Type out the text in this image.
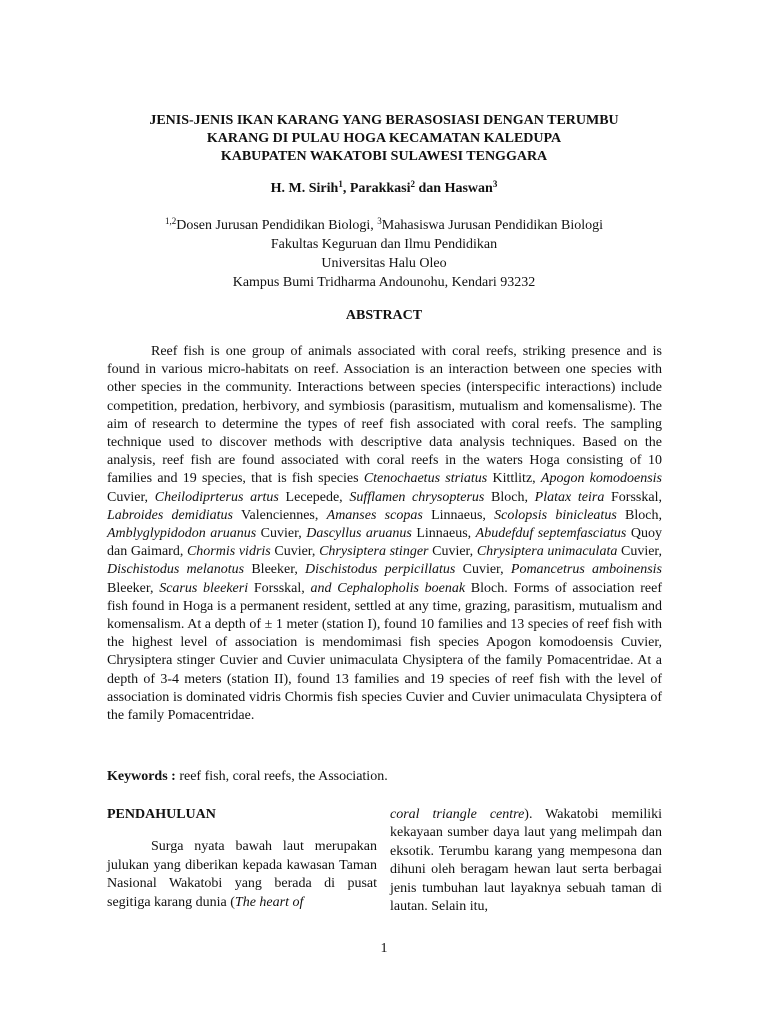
JENIS-JENIS IKAN KARANG YANG BERASOSIASI DENGAN TERUMBU
KARANG DI PULAU HOGA KECAMATAN KALEDUPA
KABUPATEN WAKATOBI SULAWESI TENGGARA
H. M. Sirih$^1$, Parakkasi$^2$ dan Haswan$^3$
$^{1,2}$Dosen Jurusan Pendidikan Biologi, $^3$Mahasiswa Jurusan Pendidikan Biologi
Fakultas Keguruan dan Ilmu Pendidikan
Universitas Halu Oleo
Kampus Bumi Tridharma Andounohu, Kendari 93232
ABSTRACT
Reef fish is one group of animals associated with coral reefs, striking presence and is found in various micro-habitats on reef. Association is an interaction between one species with other species in the community. Interactions between species (interspecific interactions) include competition, predation, herbivory, and symbiosis (parasitism, mutualism and komensalisme). The aim of research to determine the types of reef fish associated with coral reefs. The sampling technique used to discover methods with descriptive data analysis techniques. Based on the analysis, reef fish are found associated with coral reefs in the waters Hoga consisting of 10 families and 19 species, that is fish species Ctenochaetus striatus Kittlitz, Apogon komodoensis Cuvier, Cheilodiprterus artus Lecepede, Sufflamen chrysopterus Bloch, Platax teira Forsskal, Labroides demidiatus Valenciennes, Amanses scopas Linnaeus, Scolopsis binicleatus Bloch, Amblyglypidodon aruanus Cuvier, Dascyllus aruanus Linnaeus, Abudefduf septemfasciatus Quoy dan Gaimard, Chormis vidris Cuvier, Chrysiptera stinger Cuvier, Chrysiptera unimaculata Cuvier, Dischistodus melanotus Bleeker, Dischistodus perpicillatus Cuvier, Pomancetrus amboinensis Bleeker, Scarus bleekeri Forsskal, and Cephalopholis boenak Bloch. Forms of association reef fish found in Hoga is a permanent resident, settled at any time, grazing, parasitism, mutualism and komensalism. At a depth of ± 1 meter (station I), found 10 families and 13 species of reef fish with the highest level of association is mendomimasi fish species Apogon komodoensis Cuvier, Chrysiptera stinger Cuvier and Cuvier unimaculata Chysiptera of the family Pomacentridae. At a depth of 3-4 meters (station II), found 13 families and 19 species of reef fish with the level of association is dominated vidris Chormis fish species Cuvier and Cuvier unimaculata Chysiptera of the family Pomacentridae.
Keywords : reef fish, coral reefs, the Association.
PENDAHULUAN

Surga nyata bawah laut merupakan julukan yang diberikan kepada kawasan Taman Nasional Wakatobi yang berada di pusat segitiga karang dunia (The heart of

coral triangle centre). Wakatobi memiliki kekayaan sumber daya laut yang melimpah dan eksotik. Terumbu karang yang mempesona dan dihuni oleh beragam hewan laut serta berbagai jenis tumbuhan laut layaknya sebuah taman di lautan. Selain itu,

1
